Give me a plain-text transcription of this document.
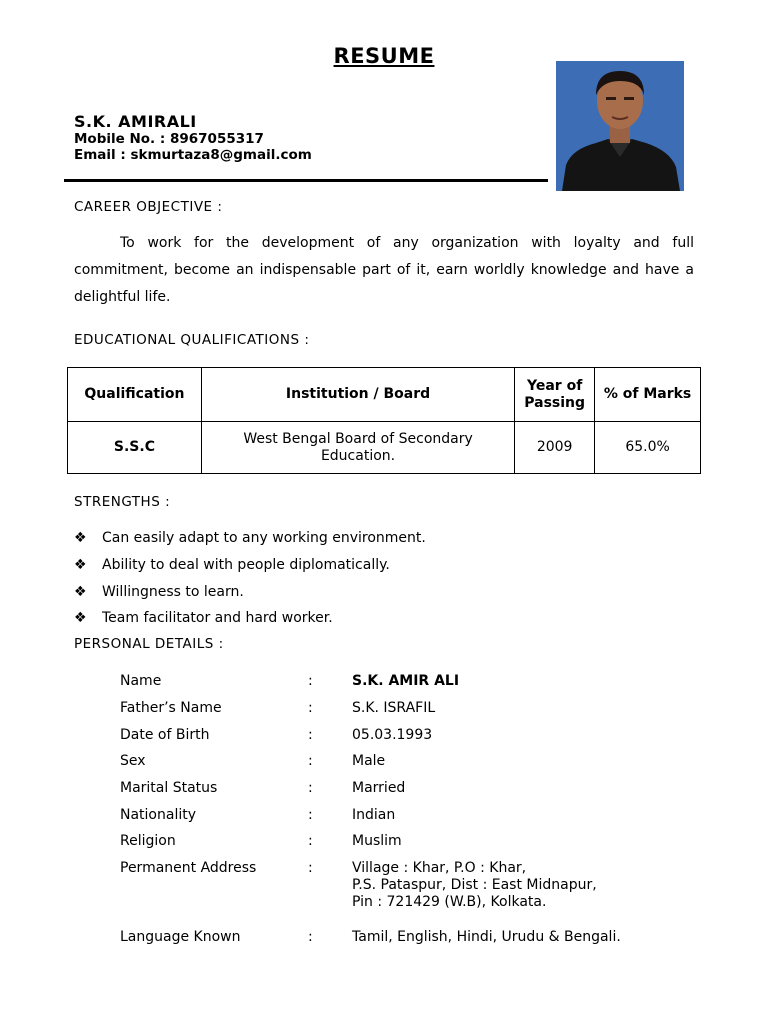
RESUME
S.K. AMIRALI
Mobile No. : 8967055317
Email : skmurtaza8@gmail.com
CAREER OBJECTIVE :
To work for the development of any organization with loyalty and full commitment, become an indispensable part of it, earn worldly knowledge and have a delightful life.
EDUCATIONAL QUALIFICATIONS :
Qualification	Institution / Board	Year of Passing	% of Marks
S.S.C	West Bengal Board of Secondary Education.	2009	65.0%
STRENGTHS :
❖	Can easily adapt to any working environment.
❖	Ability to deal with people diplomatically.
❖	Willingness to learn.
❖	Team facilitator and hard worker.
PERSONAL DETAILS :
Name	:	S.K. AMIR ALI
Father’s Name	:	S.K. ISRAFIL
Date of Birth	:	05.03.1993
Sex	:	Male
Marital Status	:	Married
Nationality	:	Indian
Religion	:	Muslim
Permanent Address	:	Village : Khar, P.O : Khar,
P.S. Pataspur, Dist : East Midnapur,
Pin : 721429 (W.B), Kolkata.
Language Known	:	Tamil, English, Hindi, Urudu & Bengali.
